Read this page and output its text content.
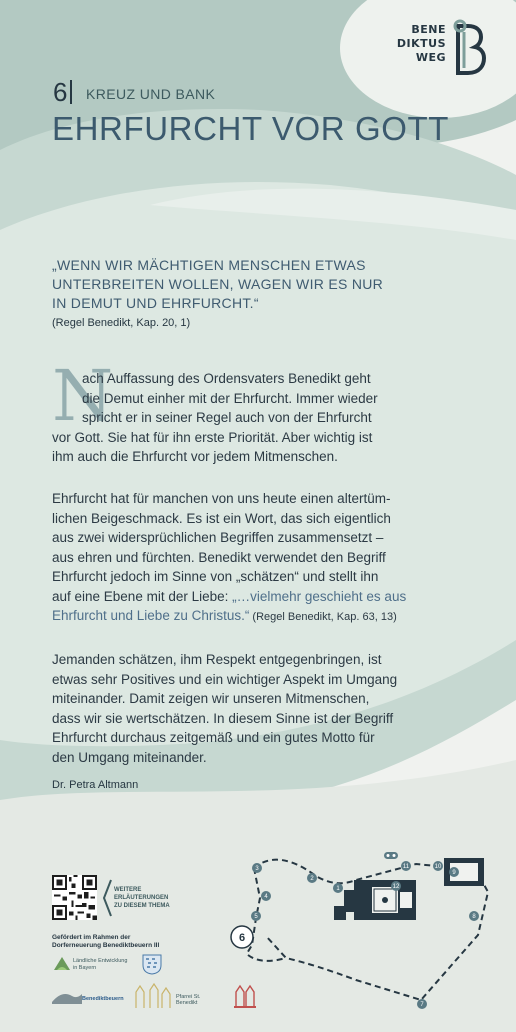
BENE
DIKTUS
WEG
6	KREUZ UND BANK
EHRFURCHT VOR GOTT
„WENN WIR MÄCHTIGEN MENSCHEN ETWAS
UNTERBREITEN WOLLEN, WAGEN WIR ES NUR
IN DEMUT UND EHRFURCHT.“
(Regel Benedikt, Kap. 20, 1)
N
ach Auffassung des Ordensvaters Benedikt geht
die Demut einher mit der Ehrfurcht. Immer wieder
spricht er in seiner Regel auch von der Ehrfurcht
vor Gott. Sie hat für ihn erste Priorität. Aber wichtig ist
ihm auch die Ehrfurcht vor jedem Mitmenschen.
Ehrfurcht hat für manchen von uns heute einen altertüm-
lichen Beigeschmack. Es ist ein Wort, das sich eigentlich
aus zwei widersprüchlichen Begriffen zusammensetzt –
aus ehren und fürchten. Benedikt verwendet den Begriff
Ehrfurcht jedoch im Sinne von „schätzen“ und stellt ihn
auf eine Ebene mit der Liebe: „…vielmehr geschieht es aus
Ehrfurcht und Liebe zu Christus.“ (Regel Benedikt, Kap. 63, 13)
Jemanden schätzen, ihm Respekt entgegenbringen, ist
etwas sehr Positives und ein wichtiger Aspekt im Umgang
miteinander. Damit zeigen wir unseren Mitmenschen,
dass wir sie wertschätzen. In diesem Sinne ist der Begriff
Ehrfurcht durchaus zeitgemäß und ein gutes Motto für
den Umgang miteinander.
Dr. Petra Altmann
WEITERE
ERLÄUTERUNGEN
ZU DIESEM THEMA
Gefördert im Rahmen der
Dorferneuerung Benediktbeuern III
Ländliche Entwicklung in Bayern
Benediktbeuern	Pfarrei St. Benedikt
3
4
5
2
1	12
11	10
9
8
7
6
